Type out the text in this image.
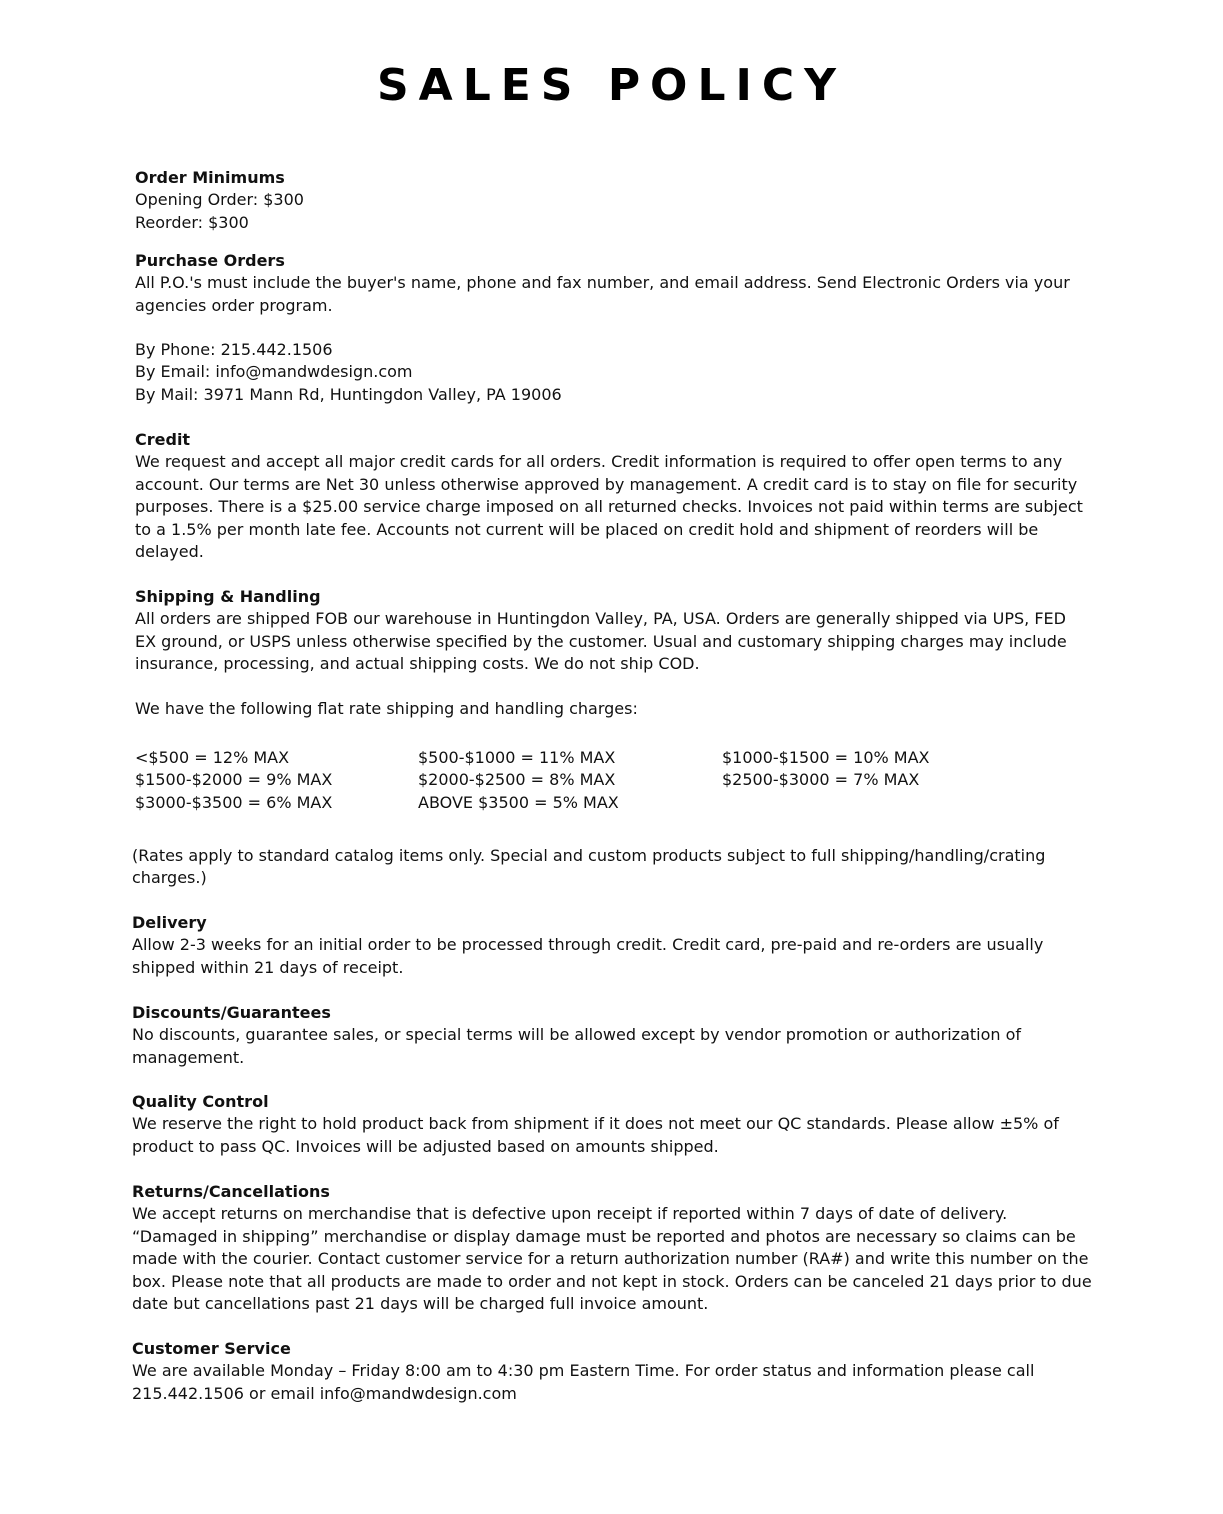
SALES POLICY
Order Minimums
Opening Order: $300
Reorder: $300
Purchase Orders
All P.O.'s must include the buyer's name, phone and fax number, and email address. Send Electronic Orders via your agencies order program.
By Phone: 215.442.1506
By Email: info@mandwdesign.com
By Mail: 3971 Mann Rd, Huntingdon Valley, PA 19006
Credit
We request and accept all major credit cards for all orders. Credit information is required to offer open terms to any account. Our terms are Net 30 unless otherwise approved by management. A credit card is to stay on file for security purposes. There is a $25.00 service charge imposed on all returned checks. Invoices not paid within terms are subject to a 1.5% per month late fee. Accounts not current will be placed on credit hold and shipment of reorders will be delayed.
Shipping & Handling
All orders are shipped FOB our warehouse in Huntingdon Valley, PA, USA. Orders are generally shipped via UPS, FED EX ground, or USPS unless otherwise specified by the customer. Usual and customary shipping charges may include insurance, processing, and actual shipping costs. We do not ship COD.
We have the following flat rate shipping and handling charges:
<$500 = 12% MAX	$500-$1000 = 11% MAX	$1000-$1500 = 10% MAX
$1500-$2000 = 9% MAX	$2000-$2500 = 8% MAX	$2500-$3000 = 7% MAX
$3000-$3500 = 6% MAX	ABOVE $3500 = 5% MAX
(Rates apply to standard catalog items only. Special and custom products subject to full shipping/handling/crating charges.)
Delivery
Allow 2-3 weeks for an initial order to be processed through credit. Credit card, pre-paid and re-orders are usually shipped within 21 days of receipt.
Discounts/Guarantees
No discounts, guarantee sales, or special terms will be allowed except by vendor promotion or authorization of management.
Quality Control
We reserve the right to hold product back from shipment if it does not meet our QC standards. Please allow ±5% of product to pass QC. Invoices will be adjusted based on amounts shipped.
Returns/Cancellations
We accept returns on merchandise that is defective upon receipt if reported within 7 days of date of delivery. “Damaged in shipping” merchandise or display damage must be reported and photos are necessary so claims can be made with the courier. Contact customer service for a return authorization number (RA#) and write this number on the box. Please note that all products are made to order and not kept in stock. Orders can be canceled 21 days prior to due date but cancellations past 21 days will be charged full invoice amount.
Customer Service
We are available Monday – Friday 8:00 am to 4:30 pm Eastern Time. For order status and information please call 215.442.1506 or email info@mandwdesign.com
